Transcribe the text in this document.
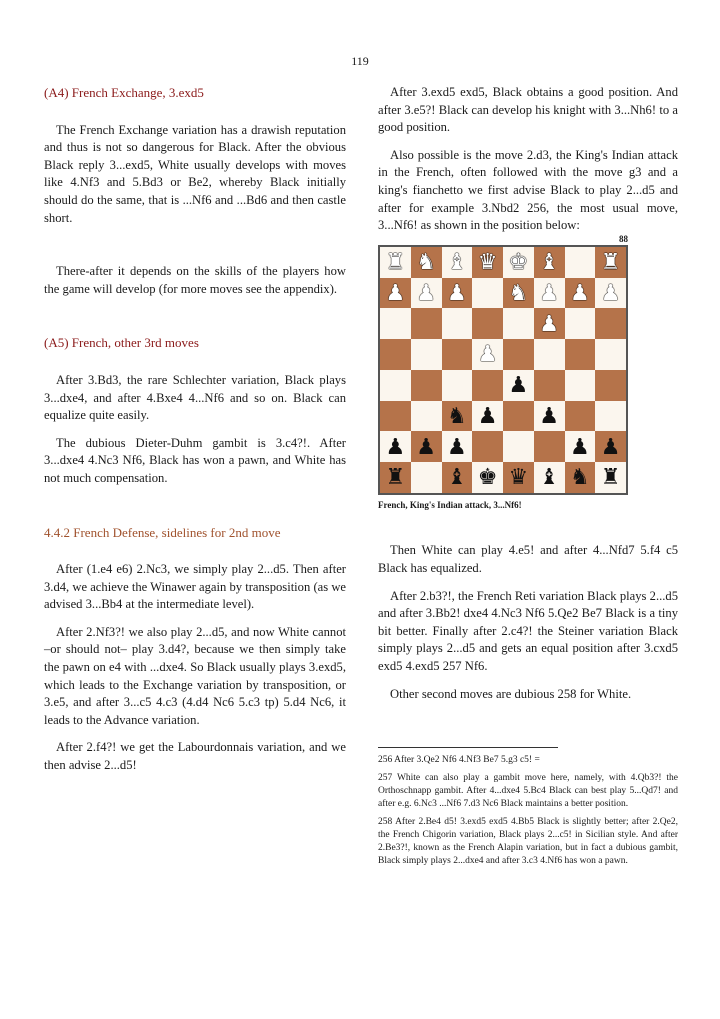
119
(A4) French Exchange, 3.exd5

The French Exchange variation has a drawish reputation and thus is not so dangerous for Black. After the obvious Black reply 3...exd5, White usually develops with moves like 4.Nf3 and 5.Bd3 or Be2, whereby Black initially should do the same, that is ...Nf6 and ...Bd6 and then castle short.

There-after it depends on the skills of the players how the game will develop (for more moves see the appendix).

(A5) French, other 3rd moves

After 3.Bd3, the rare Schlechter variation, Black plays 3...dxe4, and after 4.Bxe4 4...Nf6 and so on. Black can equalize quite easily.

The dubious Dieter-Duhm gambit is 3.c4?!. After 3...dxe4 4.Nc3 Nf6, Black has won a pawn, and White has not much compensation.

4.4.2 French Defense, sidelines for 2nd move

After (1.e4 e6) 2.Nc3, we simply play 2...d5. Then after 3.d4, we achieve the Winawer again by transposition (as we advised 3...Bb4 at the intermediate level).

After 2.Nf3?! we also play 2...d5, and now White cannot –or should not– play 3.d4?, because we then simply take the pawn on e4 with ...dxe4. So Black usually plays 3.exd5, which leads to the Exchange variation by transposition, or 3.e5, and after 3...c5 4.c3 (4.d4 Nc6 5.c3 tp) 5.d4 Nc6, it leads to the Advance variation.

After 2.f4?! we get the Labourdonnais variation, and we then advise 2...d5!

After 3.exd5 exd5, Black obtains a good position. And after 3.e5?! Black can develop his knight with 3...Nh6! to a good position.

Also possible is the move 2.d3, the King's Indian attack in the French, often followed with the move g3 and a king's fianchetto we first advise Black to play 2...d5 and after for example 3.Nbd2 256, the most usual move, 3...Nf6! as shown in the position below:

88
♜ ♞ ♝ ♛ ♚ ♝ ♜
♟ ♟ ♟ ♞ ♟ ♟ ♟
♟
♟
♟
♞ ♟ ♟
♟ ♟ ♟	♟ ♟
♜ ♝ ♚ ♛ ♝ ♞ ♜
French, King's Indian attack, 3...Nf6!

Then White can play 4.e5! and after 4...Nfd7 5.f4 c5 Black has equalized.

After 2.b3?!, the French Reti variation Black plays 2...d5 and after 3.Bb2! dxe4 4.Nc3 Nf6 5.Qe2 Be7 Black is a tiny bit better. Finally after 2.c4?! the Steiner variation Black simply plays 2...d5 and gets an equal position after 3.cxd5 exd5 4.exd5 257 Nf6.

Other second moves are dubious 258 for White.

256 After 3.Qe2 Nf6 4.Nf3 Be7 5.g3 c5! =
257 White can also play a gambit move here, namely, with 4.Qb3?! the Orthoschnapp gambit. After 4...dxe4 5.Bc4 Black can best play 5...Qd7! and after e.g. 6.Nc3 ...Nf6 7.d3 Nc6 Black maintains a better position.
258 After 2.Be4 d5! 3.exd5 exd5 4.Bb5 Black is slightly better; after 2.Qe2, the French Chigorin variation, Black plays 2...c5! in Sicilian style. And after 2.Be3?!, known as the French Alapin variation, but in fact a dubious gambit, Black simply plays 2...dxe4 and after 3.c3 4.Nf6 has won a pawn.
